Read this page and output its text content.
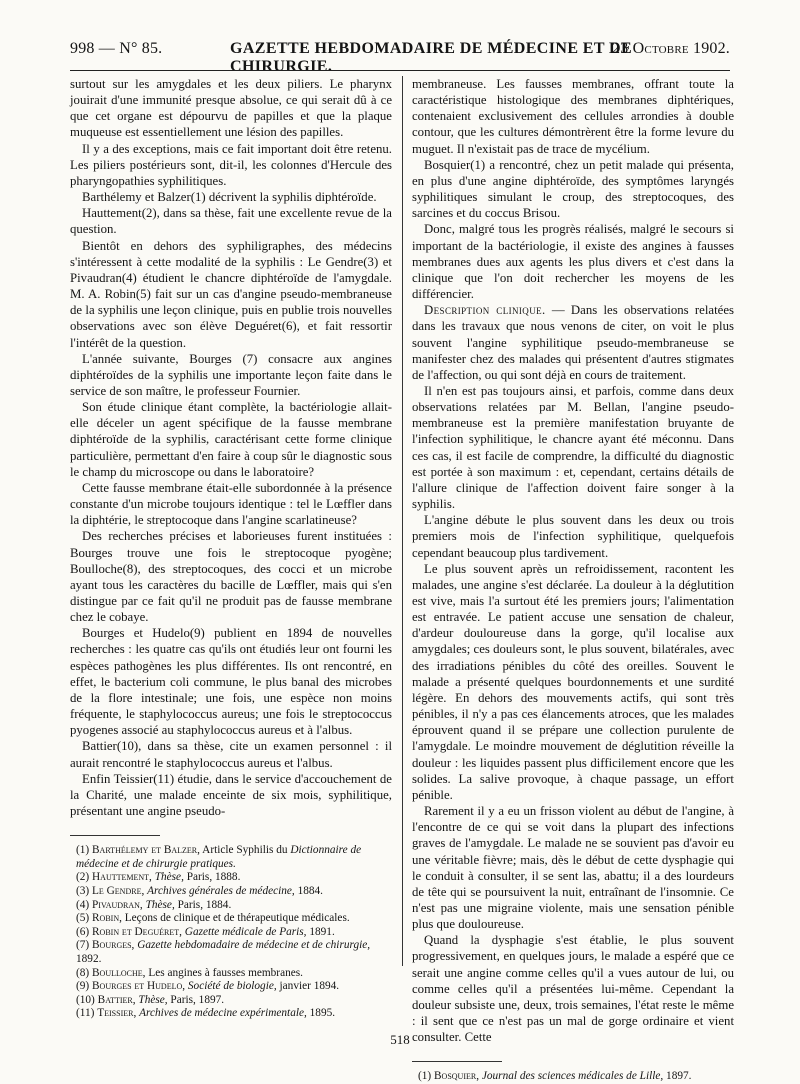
998 — N° 85.	GAZETTE HEBDOMADAIRE DE MÉDECINE ET DE CHIRURGIE.
23 Octobre 1902.

surtout sur les amygdales et les deux piliers. Le pharynx jouirait d'une immunité presque absolue, ce qui serait dû à ce que cet organe est dépourvu de papilles et que la plaque muqueuse est essentiellement une lésion des papilles.

Il y a des exceptions, mais ce fait important doit être retenu. Les piliers postérieurs sont, dit-il, les colonnes d'Hercule des pharyngopathies syphilitiques.

Barthélemy et Balzer(1) décrivent la syphilis diphtéroïde.

Hauttement(2), dans sa thèse, fait une excellente revue de la question.

Bientôt en dehors des syphiligraphes, des médecins s'intéressent à cette modalité de la syphilis : Le Gendre(3) et Pivaudran(4) étudient le chancre diphtéroïde de l'amygdale. M. A. Robin(5) fait sur un cas d'angine pseudo-membraneuse de la syphilis une leçon clinique, puis en publie trois nouvelles observations avec son élève Deguéret(6), et fait ressortir l'intérêt de la question.

L'année suivante, Bourges (7) consacre aux angines diphtéroïdes de la syphilis une importante leçon faite dans le service de son maître, le professeur Fournier.

Son étude clinique étant complète, la bactériologie allait-elle déceler un agent spécifique de la fausse membrane diphtéroïde de la syphilis, caractérisant cette forme clinique particulière, permettant d'en faire à coup sûr le diagnostic sous le champ du microscope ou dans le laboratoire?

Cette fausse membrane était-elle subordonnée à la présence constante d'un microbe toujours identique : tel le Lœffler dans la diphtérie, le streptocoque dans l'angine scarlatineuse?

Des recherches précises et laborieuses furent instituées : Bourges trouve une fois le streptocoque pyogène; Boulloche(8), des streptocoques, des cocci et un microbe ayant tous les caractères du bacille de Lœffler, mais qui s'en distingue par ce fait qu'il ne produit pas de fausse membrane chez le cobaye.

Bourges et Hudelo(9) publient en 1894 de nouvelles recherches : les quatre cas qu'ils ont étudiés leur ont fourni les espèces pathogènes les plus différentes. Ils ont rencontré, en effet, le bacterium coli commune, le plus banal des microbes de la flore intestinale; une fois, une espèce non moins fréquente, le staphylococcus aureus; une fois le streptococcus pyogenes associé au staphylococcus aureus et à l'albus.

Battier(10), dans sa thèse, cite un examen personnel : il aurait rencontré le staphylococcus aureus et l'albus.

Enfin Teissier(11) étudie, dans le service d'accouchement de la Charité, une malade enceinte de six mois, syphilitique, présentant une angine pseudo-

(1) Barthélemy et Balzer, Article Syphilis du Dictionnaire de médecine et de chirurgie pratiques.
(2) Hauttement, Thèse, Paris, 1888.
(3) Le Gendre, Archives générales de médecine, 1884.
(4) Pivaudran, Thèse, Paris, 1884.
(5) Robin, Leçons de clinique et de thérapeutique médicales.
(6) Robin et Deguéret, Gazette médicale de Paris, 1891.
(7) Bourges, Gazette hebdomadaire de médecine et de chirurgie, 1892.
(8) Boulloche, Les angines à fausses membranes.
(9) Bourges et Hudelo, Société de biologie, janvier 1894.
(10) Battier, Thèse, Paris, 1897.
(11) Teissier, Archives de médecine expérimentale, 1895.

membraneuse. Les fausses membranes, offrant toute la caractéristique histologique des membranes diphtériques, contenaient exclusivement des cellules arrondies à double contour, que les cultures démontrèrent être la forme levure du muguet. Il n'existait pas de trace de mycélium.

Bosquier(1) a rencontré, chez un petit malade qui présenta, en plus d'une angine diphtéroïde, des symptômes laryngés syphilitiques simulant le croup, des streptocoques, des sarcines et du coccus Brisou.

Donc, malgré tous les progrès réalisés, malgré le secours si important de la bactériologie, il existe des angines à fausses membranes dues aux agents les plus divers et c'est dans la clinique que l'on doit rechercher les moyens de les différencier.

Description clinique. — Dans les observations relatées dans les travaux que nous venons de citer, on voit le plus souvent l'angine syphilitique pseudo-membraneuse se manifester chez des malades qui présentent d'autres stigmates de l'affection, ou qui sont déjà en cours de traitement.

Il n'en est pas toujours ainsi, et parfois, comme dans deux observations relatées par M. Bellan, l'angine pseudo-membraneuse est la première manifestation bruyante de l'infection syphilitique, le chancre ayant été méconnu. Dans ces cas, il est facile de comprendre, la difficulté du diagnostic est portée à son maximum : et, cependant, certains détails de l'allure clinique de l'affection doivent faire songer à la syphilis.

L'angine débute le plus souvent dans les deux ou trois premiers mois de l'infection syphilitique, quelquefois cependant beaucoup plus tardivement.

Le plus souvent après un refroidissement, racontent les malades, une angine s'est déclarée. La douleur à la déglutition est vive, mais l'a surtout été les premiers jours; l'alimentation est entravée. Le patient accuse une sensation de chaleur, d'ardeur douloureuse dans la gorge, qu'il localise aux amygdales; ces douleurs sont, le plus souvent, bilatérales, avec des irradiations pénibles du côté des oreilles. Souvent le malade a présenté quelques bourdonnements et une surdité légère. En dehors des mouvements actifs, qui sont très pénibles, il n'y a pas ces élancements atroces, que les malades éprouvent quand il se prépare une collection purulente de l'amygdale. Le moindre mouvement de déglutition réveille la douleur : les liquides passent plus difficilement encore que les solides. La salive provoque, à chaque passage, un effort pénible.

Rarement il y a eu un frisson violent au début de l'angine, à l'encontre de ce qui se voit dans la plupart des infections graves de l'amygdale. Le malade ne se souvient pas d'avoir eu une véritable fièvre; mais, dès le début de cette dysphagie qui le conduit à consulter, il se sent las, abattu; il a des lourdeurs de tête qui se poursuivent la nuit, entraînant de l'insomnie. Ce n'est pas une migraine violente, mais une sensation pénible plus que douloureuse.

Quand la dysphagie s'est établie, le plus souvent progressivement, en quelques jours, le malade a espéré que ce serait une angine comme celles qu'il a vues autour de lui, ou comme celles qu'il a présentées lui-même. Cependant la douleur subsiste une, deux, trois semaines, l'état reste le même : il sent que ce n'est pas un mal de gorge ordinaire et vient consulter. Cette

(1) Bosquier, Journal des sciences médicales de Lille, 1897.
518
